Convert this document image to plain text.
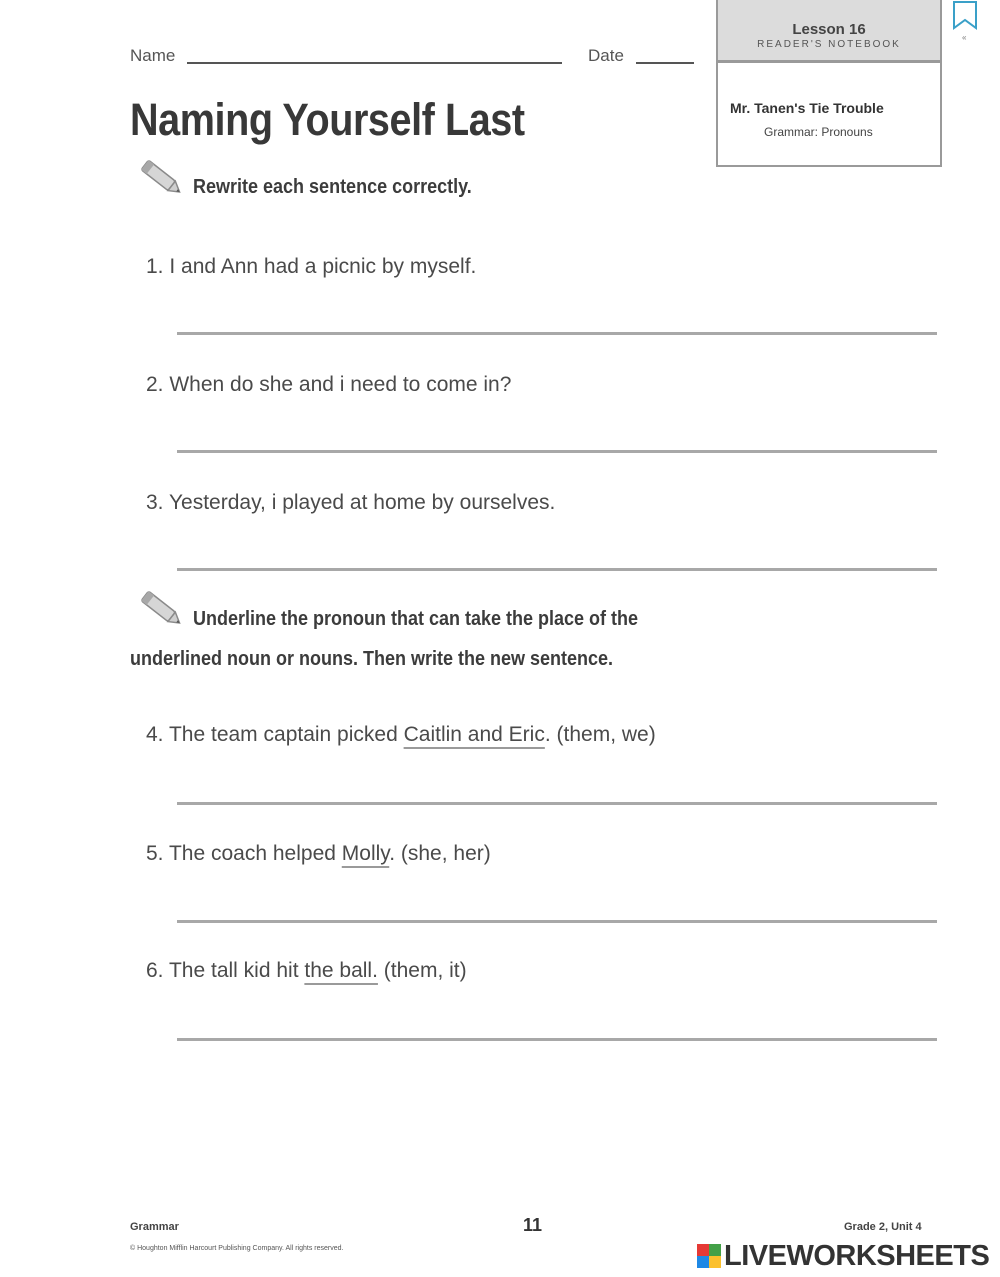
Name	Date
Lesson 16
READER'S NOTEBOOK
Mr. Tanen's Tie Trouble
Grammar: Pronouns
«
Naming Yourself Last
Rewrite each sentence correctly.
1. I and Ann had a picnic by myself.
2. When do she and i need to come in?
3. Yesterday, i played at home by ourselves.
Underline the pronoun that can take the place of the
underlined noun or nouns. Then write the new sentence.
4. The team captain picked Caitlin and Eric. (them, we)
5. The coach helped Molly. (she, her)
6. The tall kid hit the ball. (them, it)
Grammar	11	Grade 2, Unit 4
© Houghton Mifflin Harcourt Publishing Company. All rights reserved.	LIVEWORKSHEETS
